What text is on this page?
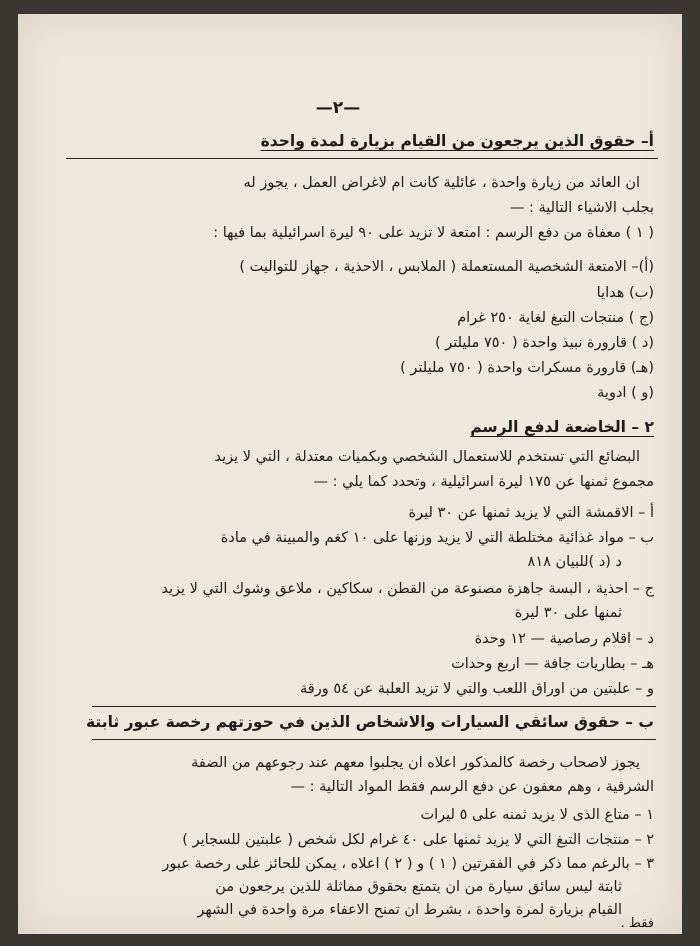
—٢—
أ– حقوق الذين يرجعون من القيام بزيارة لمدة واحدة
ان العائد من زيارة واحدة ، عائلية كانت ام لاغراض العمل ، يجوز له
بجلب الاشياء التالية : —
( ١ ) معفاة من دفع الرسم : امتعة لا تزيد على ٩٠ ليرة اسرائيلية بما فيها :
(أ)– الامتعة الشخصية المستعملة ( الملابس ، الاحذية ، جهاز للتواليت )
(ب) هدايا
(ج ) منتجات التبغ لغاية ٢٥٠ غرام
(د ) قارورة نبيذ واحدة ( ٧٥٠ مليلتر )
(هـ) قارورة مسكرات واحدة ( ٧٥٠ مليلتر )
(و ) ادوية
٢ – الخاضعة لدفع الرسم
البضائع التي تستخدم للاستعمال الشخصي وبكميات معتدلة ، التي لا يزيد
مجموع ثمنها عن ١٧٥ ليرة اسرائيلية ، وتحدد كما يلي : —
أ – الاقمشة التي لا يزيد ثمنها عن ٣٠ ليرة
ب – مواد غذائية مختلطة التي لا يزيد وزنها على ١٠ كغم والمبينة في مادة
د (د )للبيان ٨١٨
ج – احذية ، البسة جاهزة مصنوعة من القطن ، سكاكين ، ملاعق وشوك التي لا يزيد
ثمنها على ٣٠ ليرة
د – اقلام رصاصية — ١٢ وحدة
هـ – بطاريات جافة — اربع وحدات
و – علبتين من اوراق اللعب والتي لا تزيد العلبة عن ٥٤ ورقة
ب – حقوق سائقي السيارات والاشخاص الذين في حوزتهم رخصة عبور ثابتة
يجوز لاصحاب رخصة كالمذكور اعلاه ان يجلبوا معهم عند رجوعهم من الضفة
الشرقية ، وهم معفون عن دفع الرسم فقط المواد التالية : —
١ – متاع الذى لا يزيد ثمنه على ٥ ليرات
٢ – منتجات التبغ التي لا يزيد ثمنها على ٤٠ غرام لكل شخص ( علبتين للسجاير )
٣ – بالرغم مما ذكر في الفقرتين ( ١ ) و ( ٢ ) اعلاه ، يمكن للحائز على رخصة عبور
ثابتة ليس سائق سيارة من ان يتمتع بحقوق مماثلة للذين يرجعون من
القيام بزيارة لمرة واحدة ، بشرط ان تمنح الاعفاء مرة واحدة في الشهر
فقط .
